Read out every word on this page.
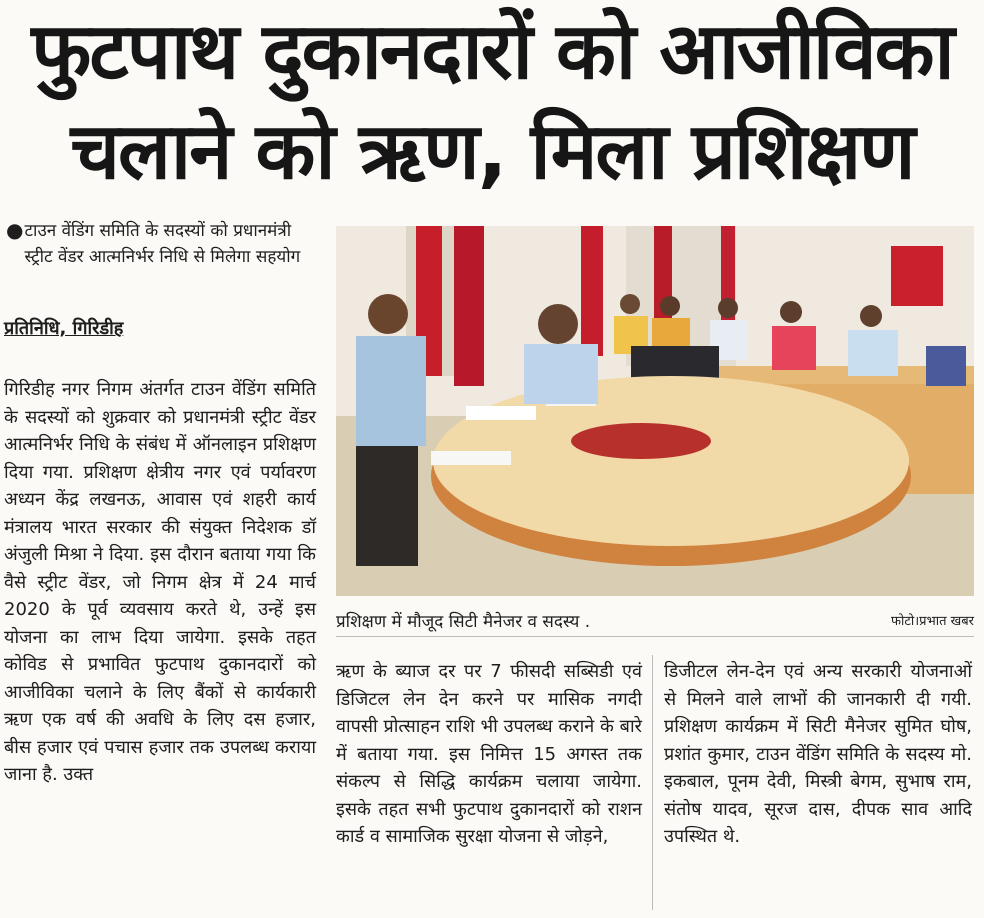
फुटपाथ दुकानदारों को आजीविका
चलाने को ऋण, मिला प्रशिक्षण
● टाउन वेंडिंग समिति के सदस्यों को प्रधानमंत्री स्ट्रीट वेंडर आत्मनिर्भर निधि से मिलेगा सहयोग
प्रतिनिधि, गिरिडीह
गिरिडीह नगर निगम अंतर्गत टाउन वेंडिंग समिति के सदस्यों को शुक्रवार को प्रधानमंत्री स्ट्रीट वेंडर आत्मनिर्भर निधि के संबंध में ऑनलाइन प्रशिक्षण दिया गया. प्रशिक्षण क्षेत्रीय नगर एवं पर्यावरण अध्यन केंद्र लखनऊ, आवास एवं शहरी कार्य मंत्रालय भारत सरकार की संयुक्त निदेशक डॉ अंजुली मिश्रा ने दिया. इस दौरान बताया गया कि वैसे स्ट्रीट वेंडर, जो निगम क्षेत्र में 24 मार्च 2020 के पूर्व व्यवसाय करते थे, उन्हें इस योजना का लाभ दिया जायेगा. इसके तहत कोविड से प्रभावित फुटपाथ दुकानदारों को आजीविका चलाने के लिए बैंकों से कार्यकारी ऋण एक वर्ष की अवधि के लिए दस हजार, बीस हजार एवं पचास हजार तक उपलब्ध कराया जाना है. उक्त
प्रशिक्षण में मौजूद सिटी मैनेजर व सदस्य .	फोटो।प्रभात खबर
ऋण के ब्याज दर पर 7 फीसदी सब्सिडी एवं डिजिटल लेन देन करने पर मासिक नगदी वापसी प्रोत्साहन राशि भी उपलब्ध कराने के बारे में बताया गया. इस निमित्त 15 अगस्त तक संकल्प से सिद्धि कार्यक्रम चलाया जायेगा. इसके तहत सभी फुटपाथ दुकानदारों को राशन कार्ड व सामाजिक सुरक्षा योजना से जोड़ने,
डिजीटल लेन-देन एवं अन्य सरकारी योजनाओं से मिलने वाले लाभों की जानकारी दी गयी. प्रशिक्षण कार्यक्रम में सिटी मैनेजर सुमित घोष, प्रशांत कुमार, टाउन वेंडिंग समिति के सदस्य मो. इकबाल, पूनम देवी, मिस्त्री बेगम, सुभाष राम, संतोष यादव, सूरज दास, दीपक साव आदि उपस्थित थे.
